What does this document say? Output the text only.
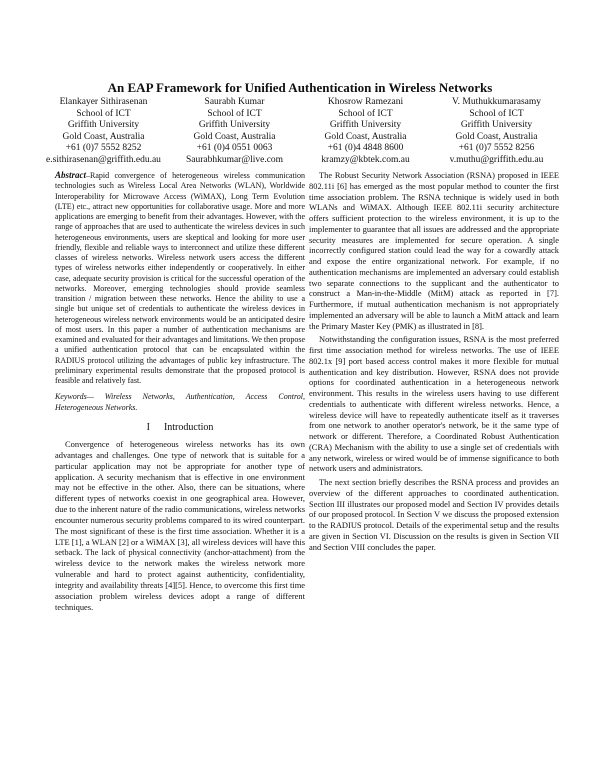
An EAP Framework for Unified Authentication in Wireless Networks
Elankayer Sithirasenan
School of ICT
Griffith University
Gold Coast, Australia
+61 (0)7 5552 8252
e.sithirasenan@griffith.edu.au
Saurabh Kumar
School of ICT
Griffith University
Gold Coast, Australia
+61 (0)4 0551 0063
Saurabhkumar@live.com
Khosrow Ramezani
School of ICT
Griffith University
Gold Coast, Australia
+61 (0)4 4848 8600
kramzy@kbtek.com.au
V. Muthukkumarasamy
School of ICT
Griffith University
Gold Coast, Australia
+61 (0)7 5552 8256
v.muthu@griffith.edu.au

Abstract–Rapid convergence of heterogeneous wireless communication technologies such as Wireless Local Area Networks (WLAN), Worldwide Interoperability for Microwave Access (WiMAX), Long Term Evolution (LTE) etc., attract new opportunities for collaborative usage. More and more applications are emerging to benefit from their advantages. However, with the range of approaches that are used to authenticate the wireless devices in such heterogeneous environments, users are skeptical and looking for more user friendly, flexible and reliable ways to interconnect and utilize these different classes of wireless networks. Wireless network users access the different types of wireless networks either independently or cooperatively. In either case, adequate security provision is critical for the successful operation of the networks. Moreover, emerging technologies should provide seamless transition / migration between these networks. Hence the ability to use a single but unique set of credentials to authenticate the wireless devices in heterogeneous wireless network environments would be an anticipated desire of most users. In this paper a number of authentication mechanisms are examined and evaluated for their advantages and limitations. We then propose a unified authentication protocol that can be encapsulated within the RADIUS protocol utilizing the advantages of public key infrastructure. The preliminary experimental results demonstrate that the proposed protocol is feasible and relatively fast.

Keywords— Wireless Networks, Authentication, Access Control, Heterogeneous Networks.

I Introduction

Convergence of heterogeneous wireless networks has its own advantages and challenges. One type of network that is suitable for a particular application may not be appropriate for another type of application. A security mechanism that is effective in one environment may not be effective in the other. Also, there can be situations, where different types of networks coexist in one geographical area. However, due to the inherent nature of the radio communications, wireless networks encounter numerous security problems compared to its wired counterpart. The most significant of these is the first time association. Whether it is a LTE [1], a WLAN [2] or a WiMAX [3], all wireless devices will have this setback. The lack of physical connectivity (anchor-attachment) from the wireless device to the network makes the wireless network more vulnerable and hard to protect against authenticity, confidentiality, integrity and availability threats [4][5]. Hence, to overcome this first time association problem wireless devices adopt a range of different techniques.

The Robust Security Network Association (RSNA) proposed in IEEE 802.11i [6] has emerged as the most popular method to counter the first time association problem. The RSNA technique is widely used in both WLANs and WiMAX. Although IEEE 802.11i security architecture offers sufficient protection to the wireless environment, it is up to the implementer to guarantee that all issues are addressed and the appropriate security measures are implemented for secure operation. A single incorrectly configured station could lead the way for a cowardly attack and expose the entire organizational network. For example, if no authentication mechanisms are implemented an adversary could establish two separate connections to the supplicant and the authenticator to construct a Man-in-the-Middle (MitM) attack as reported in [7]. Furthermore, if mutual authentication mechanism is not appropriately implemented an adversary will be able to launch a MitM attack and learn the Primary Master Key (PMK) as illustrated in [8].

Notwithstanding the configuration issues, RSNA is the most preferred first time association method for wireless networks. The use of IEEE 802.1x [9] port based access control makes it more flexible for mutual authentication and key distribution. However, RSNA does not provide options for coordinated authentication in a heterogeneous network environment. This results in the wireless users having to use different credentials to authenticate with different wireless networks. Hence, a wireless device will have to repeatedly authenticate itself as it traverses from one network to another operator's network, be it the same type of network or different. Therefore, a Coordinated Robust Authentication (CRA) Mechanism with the ability to use a single set of credentials with any network, wireless or wired would be of immense significance to both network users and administrators.

The next section briefly describes the RSNA process and provides an overview of the different approaches to coordinated authentication. Section III illustrates our proposed model and Section IV provides details of our proposed protocol. In Section V we discuss the proposed extension to the RADIUS protocol. Details of the experimental setup and the results are given in Section VI. Discussion on the results is given in Section VII and Section VIII concludes the paper.
